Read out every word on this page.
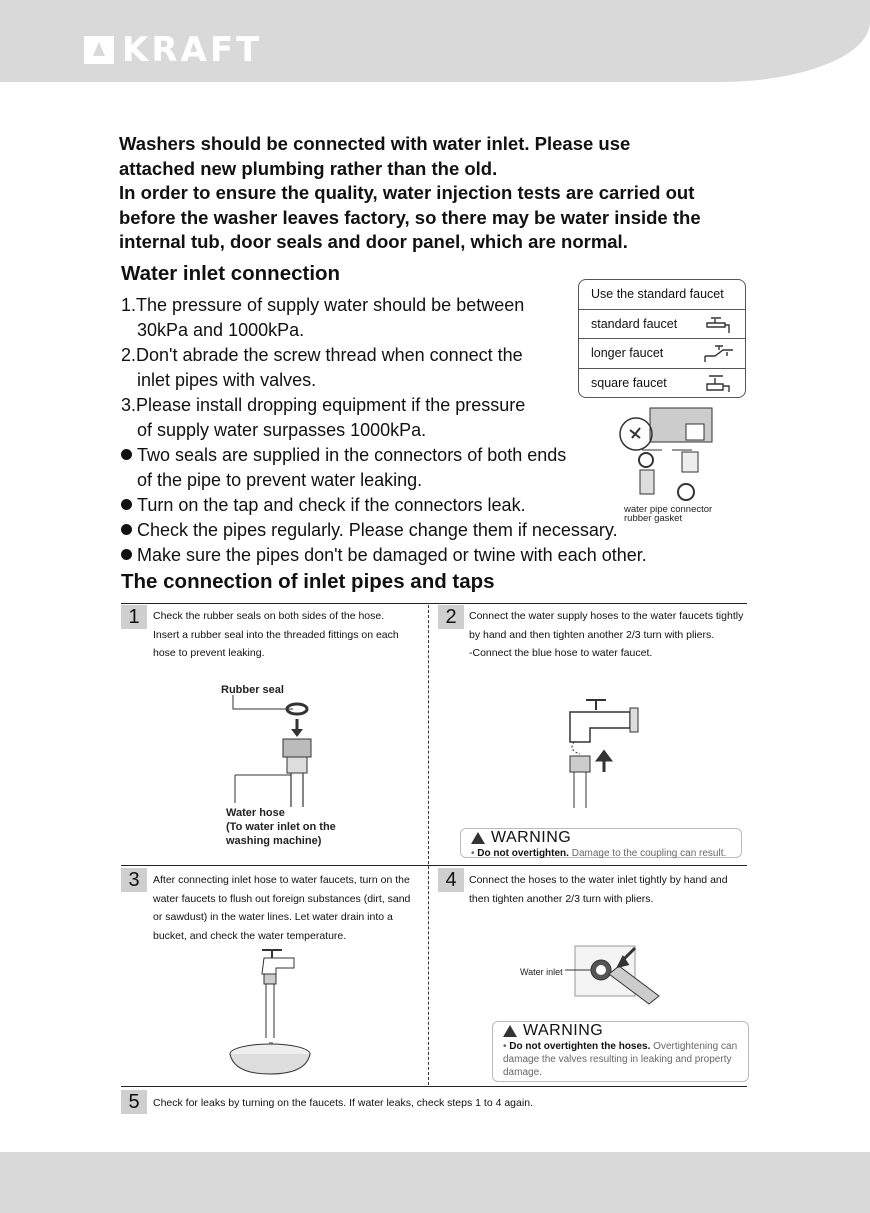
KRAFT
Washers should be connected with water inlet. Please use
attached new plumbing rather than the old.
In order to ensure the quality, water injection tests are carried out
before the washer leaves factory, so there may be water inside the
internal tub, door seals and door panel, which are normal.
Water inlet connection
1.The pressure of supply water should be between
30kPa and 1000kPa.
2.Don't abrade the screw thread when connect the
inlet pipes with valves.
3.Please install dropping equipment if the pressure
of supply water surpasses 1000kPa.
Two seals are supplied in the connectors of both ends
of the pipe to prevent water leaking.
Turn on the tap and check if the connectors leak.
Check the pipes regularly. Please change them if necessary.
Make sure the pipes don't be damaged or twine with each other.
Use the standard faucet
standard faucet
longer faucet
square faucet
water pipe connector
rubber gasket
The connection of inlet pipes and taps
1	Check the rubber seals on both sides of the hose.
Insert a rubber seal into the threaded fittings on each
hose to prevent leaking.
Rubber seal
Water hose
(To water inlet on the
washing machine)
2	Connect the water supply hoses to the water faucets tightly
by hand and then tighten another 2/3 turn with pliers.
-Connect the blue hose to water faucet.
WARNING
• Do not overtighten. Damage to the coupling can result.
3	After connecting inlet hose to water faucets, turn on the
water faucets to flush out foreign substances (dirt, sand
or sawdust) in the water lines. Let water drain into a
bucket, and check the water temperature.
4	Connect the hoses to the water inlet tightly by hand and
then tighten another 2/3 turn with pliers.
Water inlet
WARNING
• Do not overtighten the hoses. Overtightening can damage the valves resulting in leaking and property damage.
5	Check for leaks by turning on the faucets. If water leaks, check steps 1 to 4 again.
